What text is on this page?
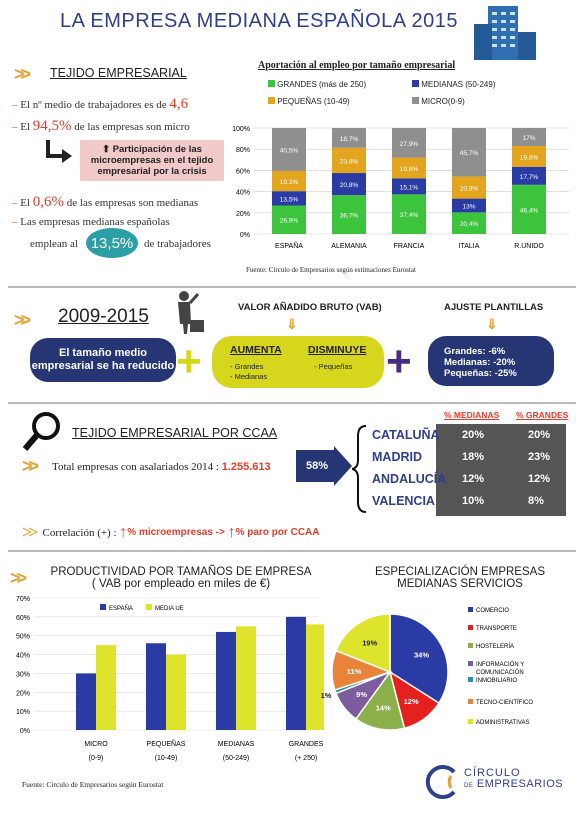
LA EMPRESA MEDIANA ESPAÑOLA 2015
>> TEJIDO EMPRESARIAL
– El nº medio de trabajadores es de 4,6
– El 94,5% de las empresas son micro
⬆ Participación de las microempresas en el tejido empresarial por la crisis
– El 0,6% de las empresas son medianas
– Las empresas medianas españolas
emplean al 13,5% de trabajadores
Aportación al empleo por tamaño empresarial
GRANDES (más de 250)	MEDIANAS (50-249)
PEQUEÑAS (10-49)	MICRO(0-9)
0%
20%
40%
60%
80%
100%
26,9%
13,5%
19,1%
40,5%
ESPAÑA
36,7%
20,8%
23,8%
18,7%
ALEMANIA
37,4%
15,1%
19,6%
27,9%
FRANCIA
20,4%
13%
20,9%
45,7%
ITALIA
46,4%
17,7%
19,6%
17%
R.UNIDO
Fuente: Círculo de Empresarios según estimaciones Eurostat
>> 2009-2015	VALOR AÑADIDO BRUTO (VAB)
⇓
AJUSTE PLANTILLAS
⇓
El tamaño medio empresarial se ha reducido +	AUMENTA
- Grandes
- Medianas
DISMINUYE
- Pequeñas +	Grandes: -6%
Medianas: -20%
Pequeñas: -25%
TEJIDO EMPRESARIAL POR CCAA
>> Total empresas con asalariados 2014 : 1.255.613	58%
% MEDIANAS % GRANDES
CATALUÑA 20%	20%
MADRID	18%	23%
ANDALUCÍA 12%	12%
VALENCIA 10%	8%
>> Correlación (+) :
↑ % microempresas ->
↑ % paro por CCAA
>>	PRODUCTIVIDAD POR TAMAÑOS DE EMPRESA
( VAB por empleado en miles de €)
0%
10%
20%
30%
40%
50%
60%
70%
ESPAÑA	MEDIA UE
MICRO
(0-9)
PEQUEÑAS
(10-49)
MEDIANAS
(50-249)
GRANDES
(+ 250)
Fuente: Círculo de Empresarios según Eurostat
ESPECIALIZACIÓN EMPRESAS
MEDIANAS SERVICIOS
34%
12%
14%
9%
1%
11%
19%
COMERCIO
TRANSPORTE
HOSTELERÍA
INFORMACIÓN Y COMUNICACIÓN
INMOBILIARIO
TECNO-CIENTÍFICO
ADMINISTRATIVAS
CÍRCULO
DE EMPRESARIOS
